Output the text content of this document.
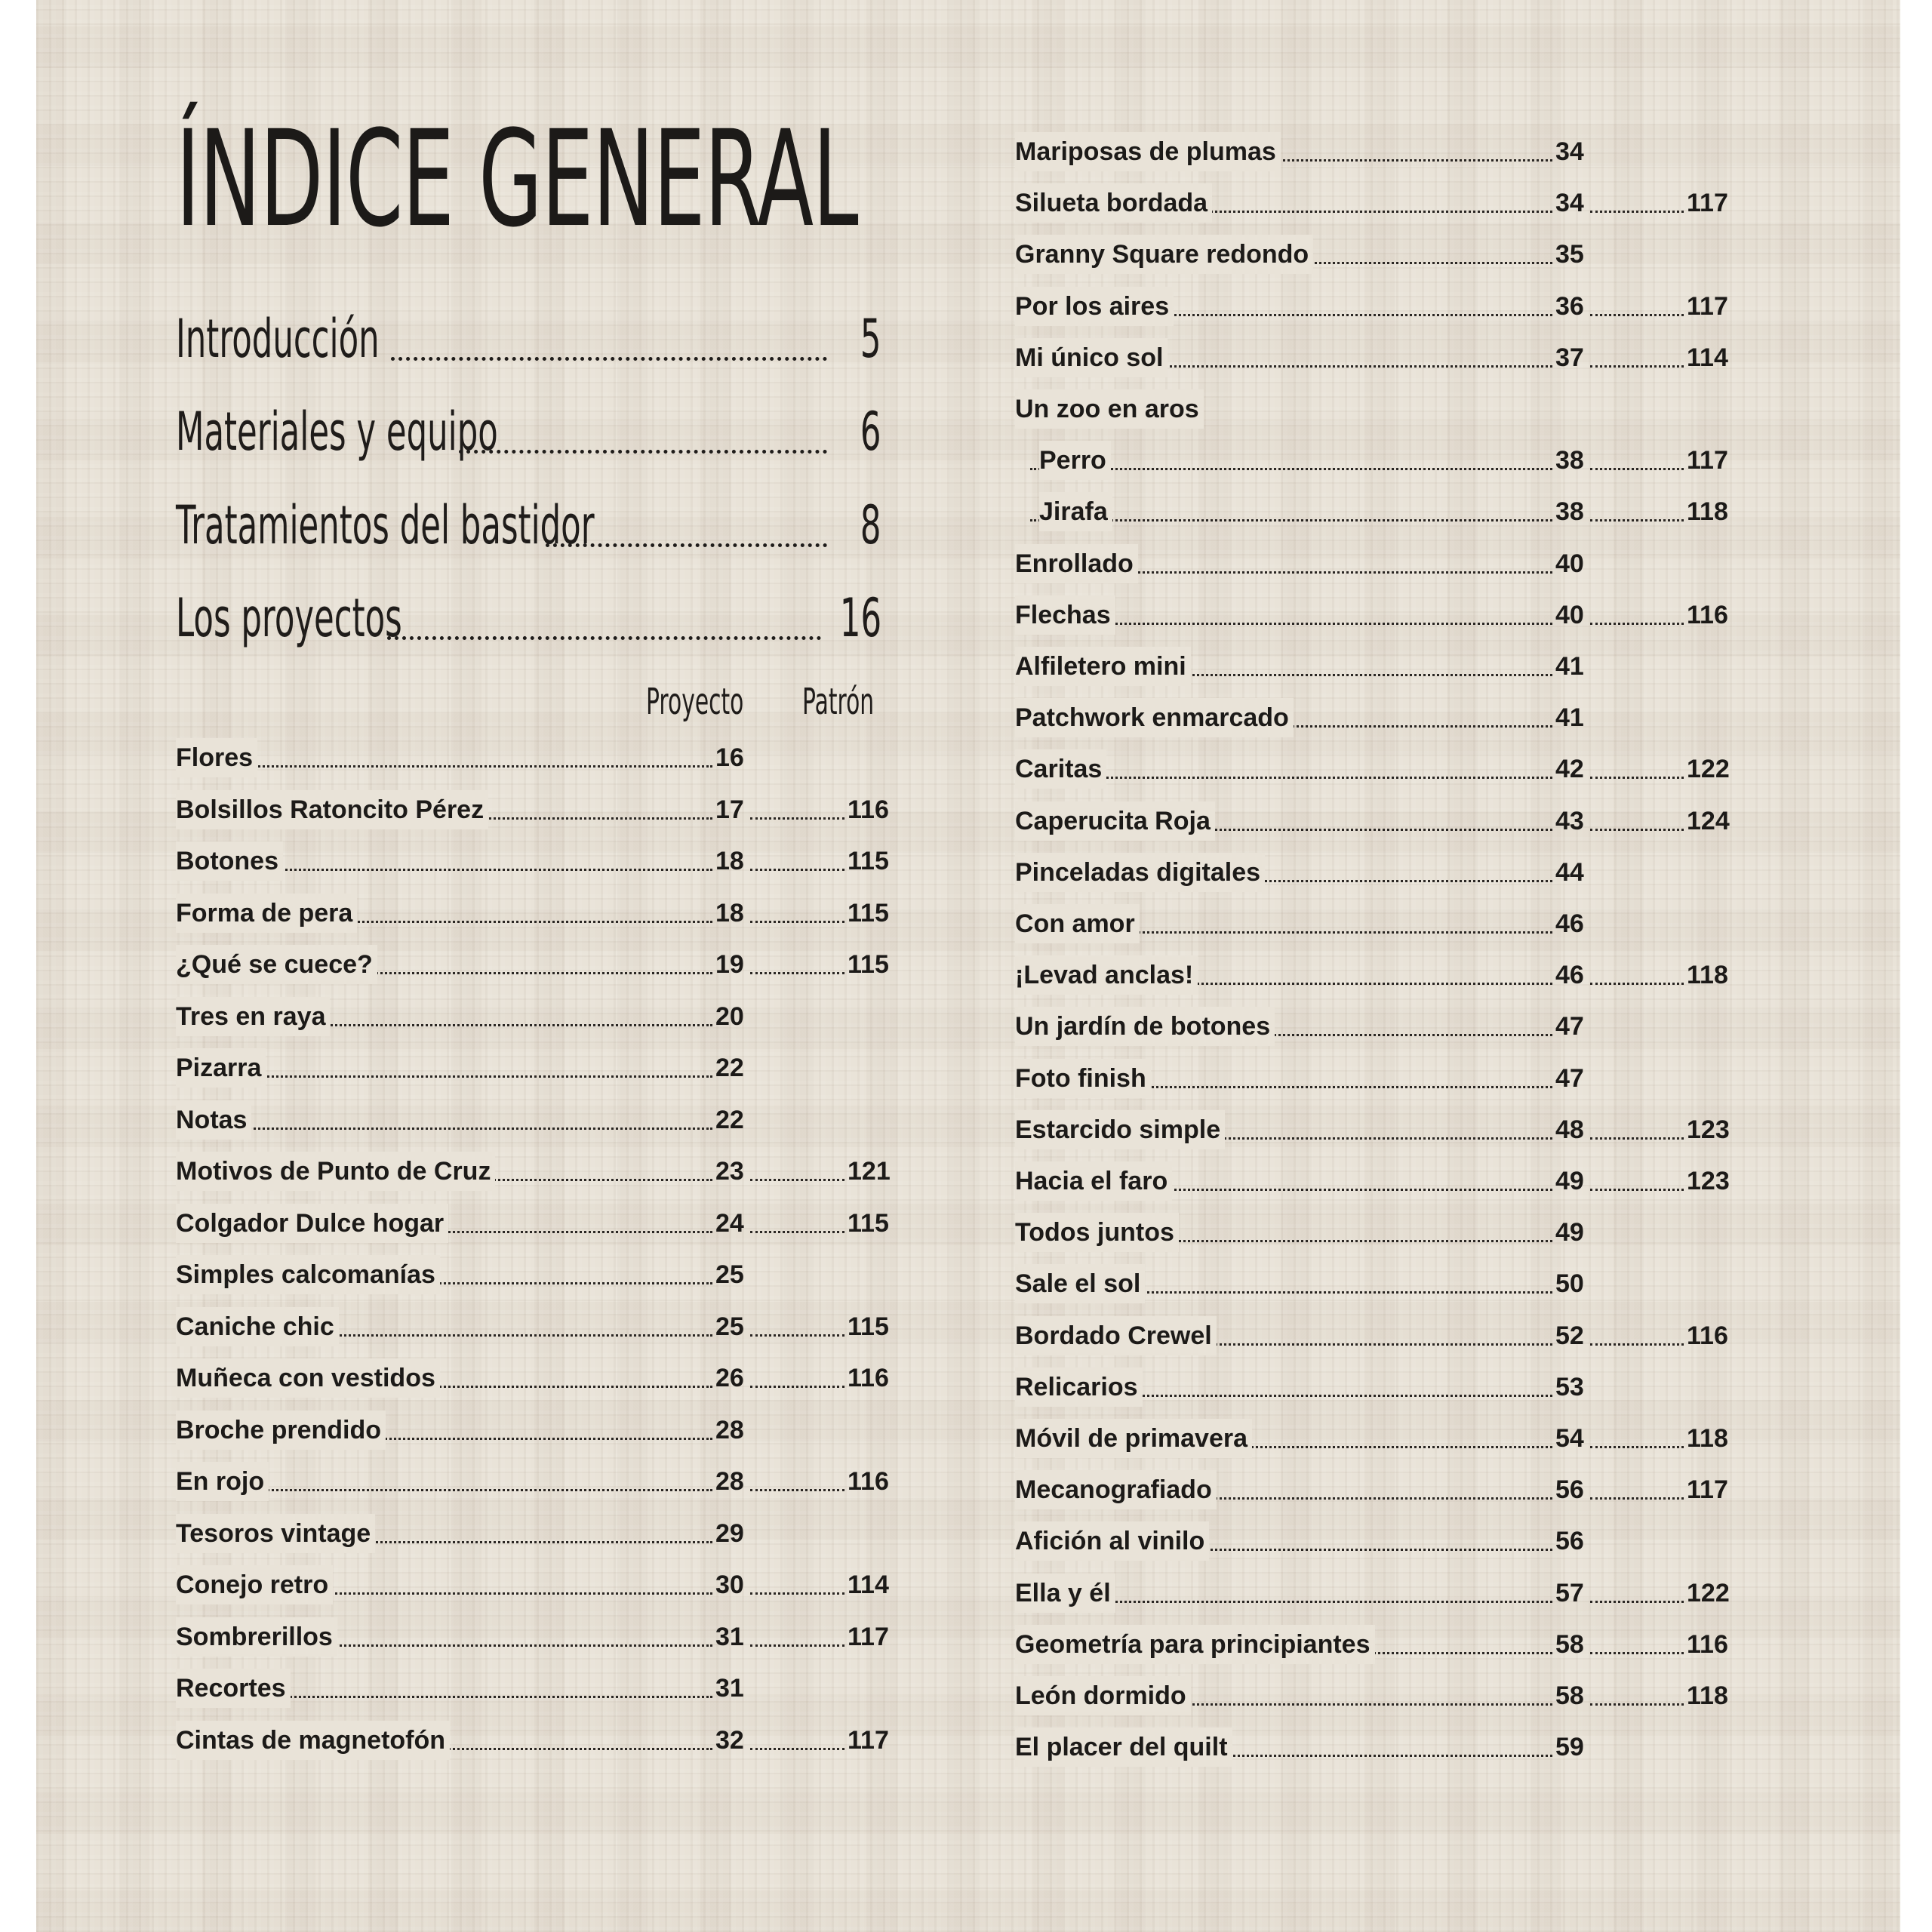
ÍNDICE GENERAL
Introducción	5
Materiales y equipo	6
Tratamientos del bastidor	8
Los proyectos	16
Proyecto Patrón
Flores	16
Bolsillos Ratoncito Pérez	17	116
Botones	18	115
Forma de pera	18	115
¿Qué se cuece?	19	115
Tres en raya	20
Pizarra	22
Notas	22
Motivos de Punto de Cruz	23	121
Colgador Dulce hogar	24	115
Simples calcomanías	25
Caniche chic	25	115
Muñeca con vestidos	26	116
Broche prendido	28
En rojo	28	116
Tesoros vintage	29
Conejo retro	30	114
Sombrerillos	31	117
Recortes	31
Cintas de magnetofón	32	117
Mariposas de plumas	34
Silueta bordada	34	117
Granny Square redondo	35
Por los aires	36	117
Mi único sol	37	114
Un zoo en aros
Perro	38	117
Jirafa	38	118
Enrollado	40
Flechas	40	116
Alfiletero mini	41
Patchwork enmarcado	41
Caritas	42	122
Caperucita Roja	43	124
Pinceladas digitales	44
Con amor	46
¡Levad anclas!	46	118
Un jardín de botones	47
Foto finish	47
Estarcido simple	48	123
Hacia el faro	49	123
Todos juntos	49
Sale el sol	50
Bordado Crewel	52	116
Relicarios	53
Móvil de primavera	54	118
Mecanografiado	56	117
Afición al vinilo	56
Ella y él	57	122
Geometría para principiantes	58	116
León dormido	58	118
El placer del quilt	59
